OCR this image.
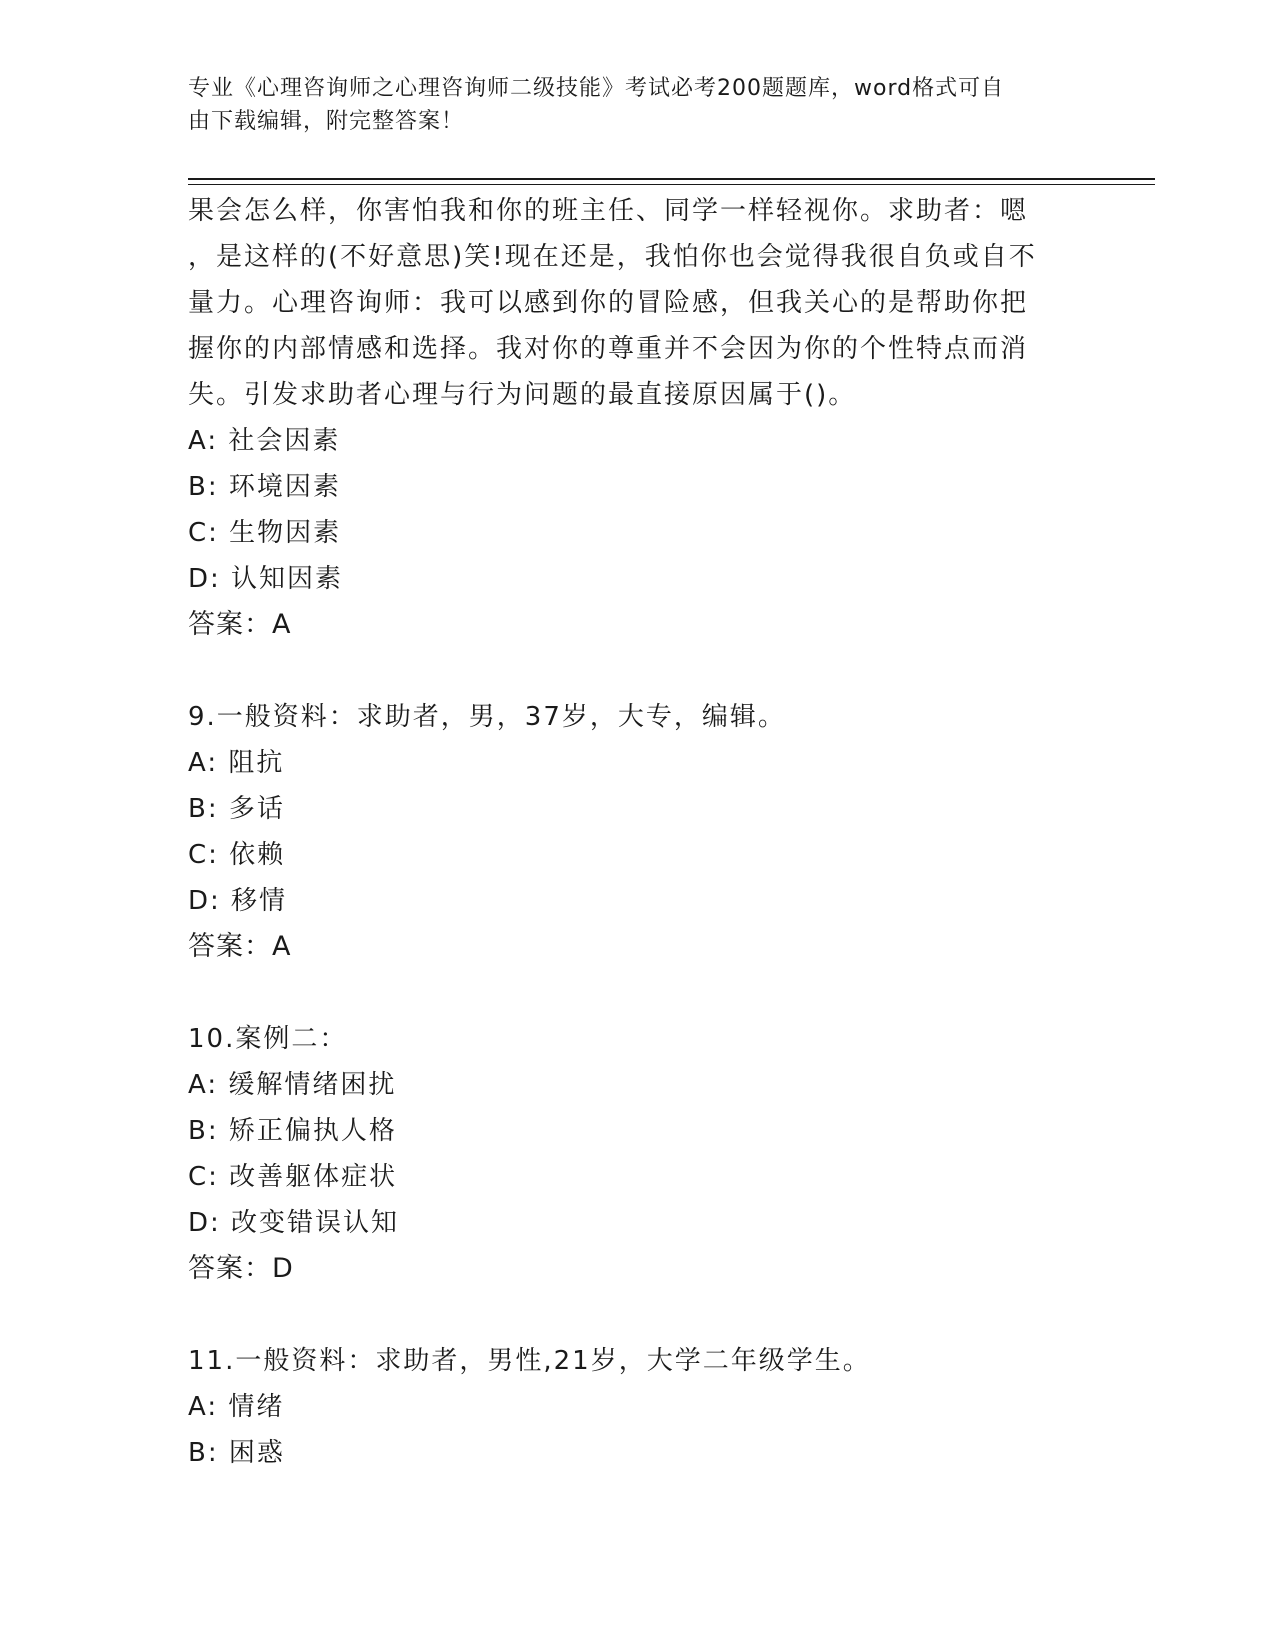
专业《心理咨询师之心理咨询师二级技能》考试必考200题题库，word格式可自
由下载编辑，附完整答案！

果会怎么样，你害怕我和你的班主任、同学一样轻视你。求助者：嗯

，是这样的(不好意思)笑!现在还是，我怕你也会觉得我很自负或自不

量力。心理咨询师：我可以感到你的冒险感，但我关心的是帮助你把

握你的内部情感和选择。我对你的尊重并不会因为你的个性特点而消

失。引发求助者心理与行为问题的最直接原因属于()。

A: 社会因素

B: 环境因素

C: 生物因素

D: 认知因素

答案：A

9.一般资料：求助者，男，37岁，大专，编辑。

A: 阻抗

B: 多话

C: 依赖

D: 移情

答案：A

10.案例二：

A: 缓解情绪困扰

B: 矫正偏执人格

C: 改善躯体症状

D: 改变错误认知

答案：D

11.一般资料：求助者，男性,21岁，大学二年级学生。

A: 情绪

B: 困惑
